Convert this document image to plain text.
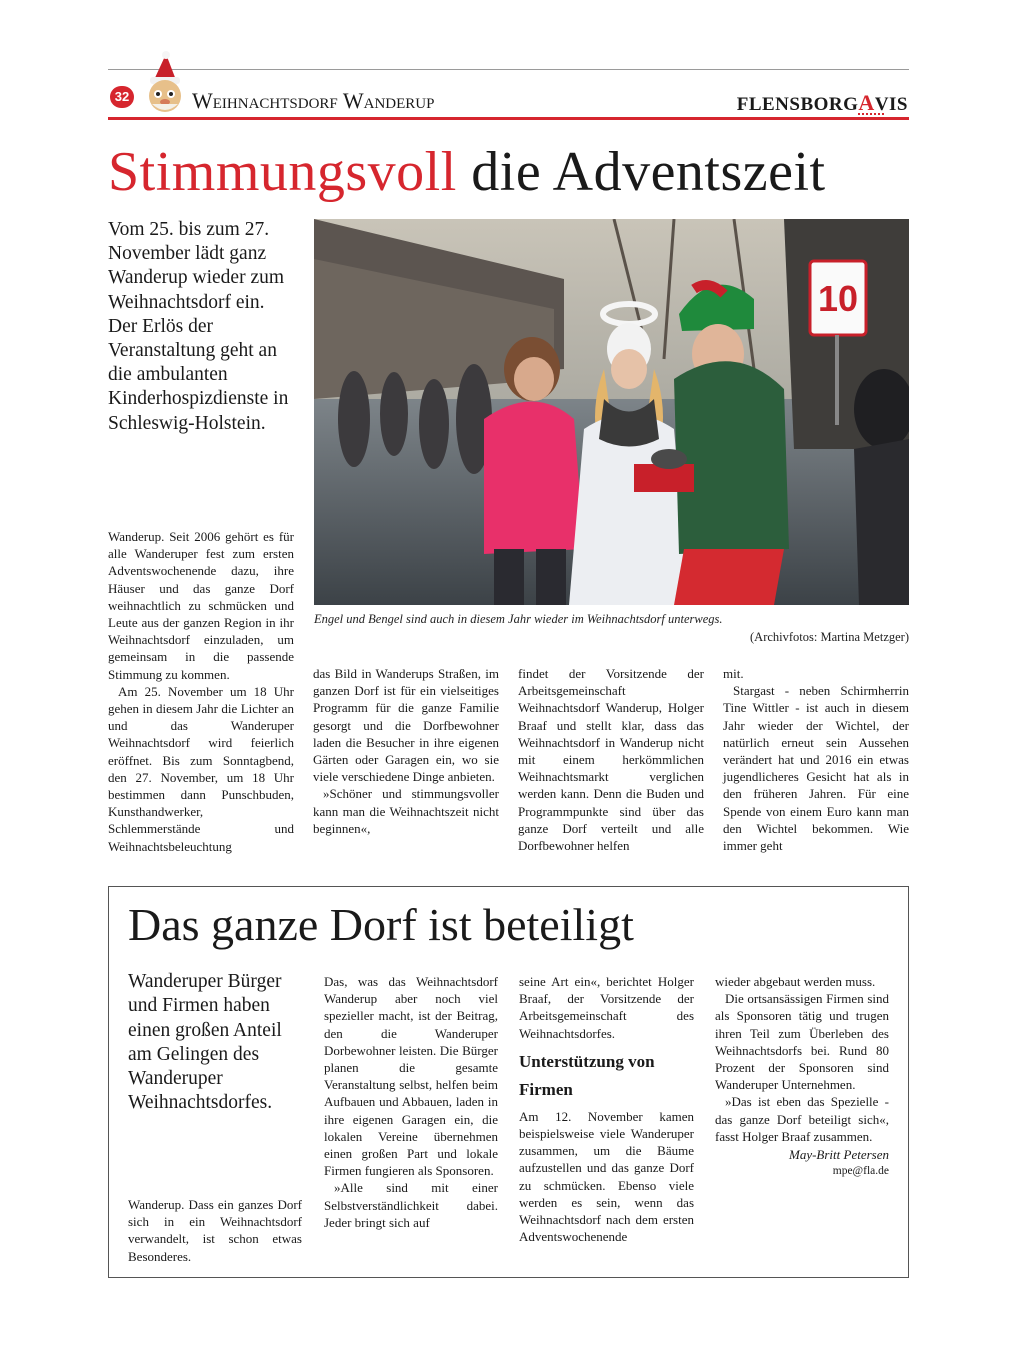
32	Weihnachtsdorf Wanderup	FLENSBORGAVIS
Stimmungsvoll die Adventszeit
Vom 25. bis zum 27. November lädt ganz Wanderup wieder zum Weihnachtsdorf ein. Der Erlös der Veranstaltung geht an die ambulanten Kinderhospizdienste in Schleswig-Holstein.
10
Engel und Bengel sind auch in diesem Jahr wieder im Weihnachtsdorf unterwegs.
(Archivfotos: Martina Metzger)

Wanderup. Seit 2006 gehört es für alle Wanderuper fest zum ersten Adventswochenende dazu, ihre Häuser und das ganze Dorf weihnachtlich zu schmücken und Leute aus der ganzen Region in ihr Weihnachtsdorf einzuladen, um gemeinsam in die passende Stimmung zu kommen.

Am 25. November um 18 Uhr gehen in diesem Jahr die Lichter an und das Wanderuper Weihnachtsdorf wird feierlich eröffnet. Bis zum Sonntagbend, den 27. November, um 18 Uhr bestimmen dann Punschbuden, Kunsthandwerker, Schlemmerstände und Weihnachtsbeleuchtung

das Bild in Wanderups Straßen, im ganzen Dorf ist für ein vielseitiges Programm für die ganze Familie gesorgt und die Dorfbewohner laden die Besucher in ihre eigenen Gärten oder Garagen ein, wo sie viele verschiedene Dinge anbieten.

»Schöner und stimmungsvoller kann man die Weihnachtszeit nicht beginnen«,

findet der Vorsitzende der Arbeitsgemeinschaft Weihnachtsdorf Wanderup, Holger Braaf und stellt klar, dass das Weihnachtsdorf in Wanderup nicht mit einem herkömmlichen Weihnachtsmarkt verglichen werden kann. Denn die Buden und Programmpunkte sind über das ganze Dorf verteilt und alle Dorfbewohner helfen

mit.

Stargast - neben Schirmherrin Tine Wittler - ist auch in diesem Jahr wieder der Wichtel, der natürlich erneut sein Aussehen verändert hat und 2016 ein etwas jugendlicheres Gesicht hat als in den früheren Jahren. Für eine Spende von einem Euro kann man den Wichtel bekommen. Wie immer geht

Das ganze Dorf ist beteiligt
Wanderuper Bürger und Firmen haben einen großen Anteil am Gelingen des Wanderuper Weihnachtsdorfes.

Wanderup. Dass ein ganzes Dorf sich in ein Weihnachtsdorf verwandelt, ist schon etwas Besonderes.

Das, was das Weihnachtsdorf Wanderup aber noch viel spezieller macht, ist der Beitrag, den die Wanderuper Dorbewohner leisten. Die Bürger planen die gesamte Veranstaltung selbst, helfen beim Aufbauen und Abbauen, laden in ihre eigenen Garagen ein, die lokalen Vereine übernehmen einen großen Part und lokale Firmen fungieren als Sponsoren.

»Alle sind mit einer Selbstverständlichkeit dabei. Jeder bringt sich auf

seine Art ein«, berichtet Holger Braaf, der Vorsitzende der Arbeitsgemeinschaft des Weihnachtsdorfes.

Unterstützung von Firmen

Am 12. November kamen beispielsweise viele Wanderuper zusammen, um die Bäume aufzustellen und das ganze Dorf zu schmücken. Ebenso viele werden es sein, wenn das Weihnachtsdorf nach dem ersten Adventswochenende

wieder abgebaut werden muss.

Die ortsansässigen Firmen sind als Sponsoren tätig und trugen ihren Teil zum Überleben des Weihnachtsdorfs bei. Rund 80 Prozent der Sponsoren sind Wanderuper Unternehmen.

»Das ist eben das Spezielle - das ganze Dorf beteiligt sich«, fasst Holger Braaf zusammen.

May-Britt Petersen
mpe@fla.de
